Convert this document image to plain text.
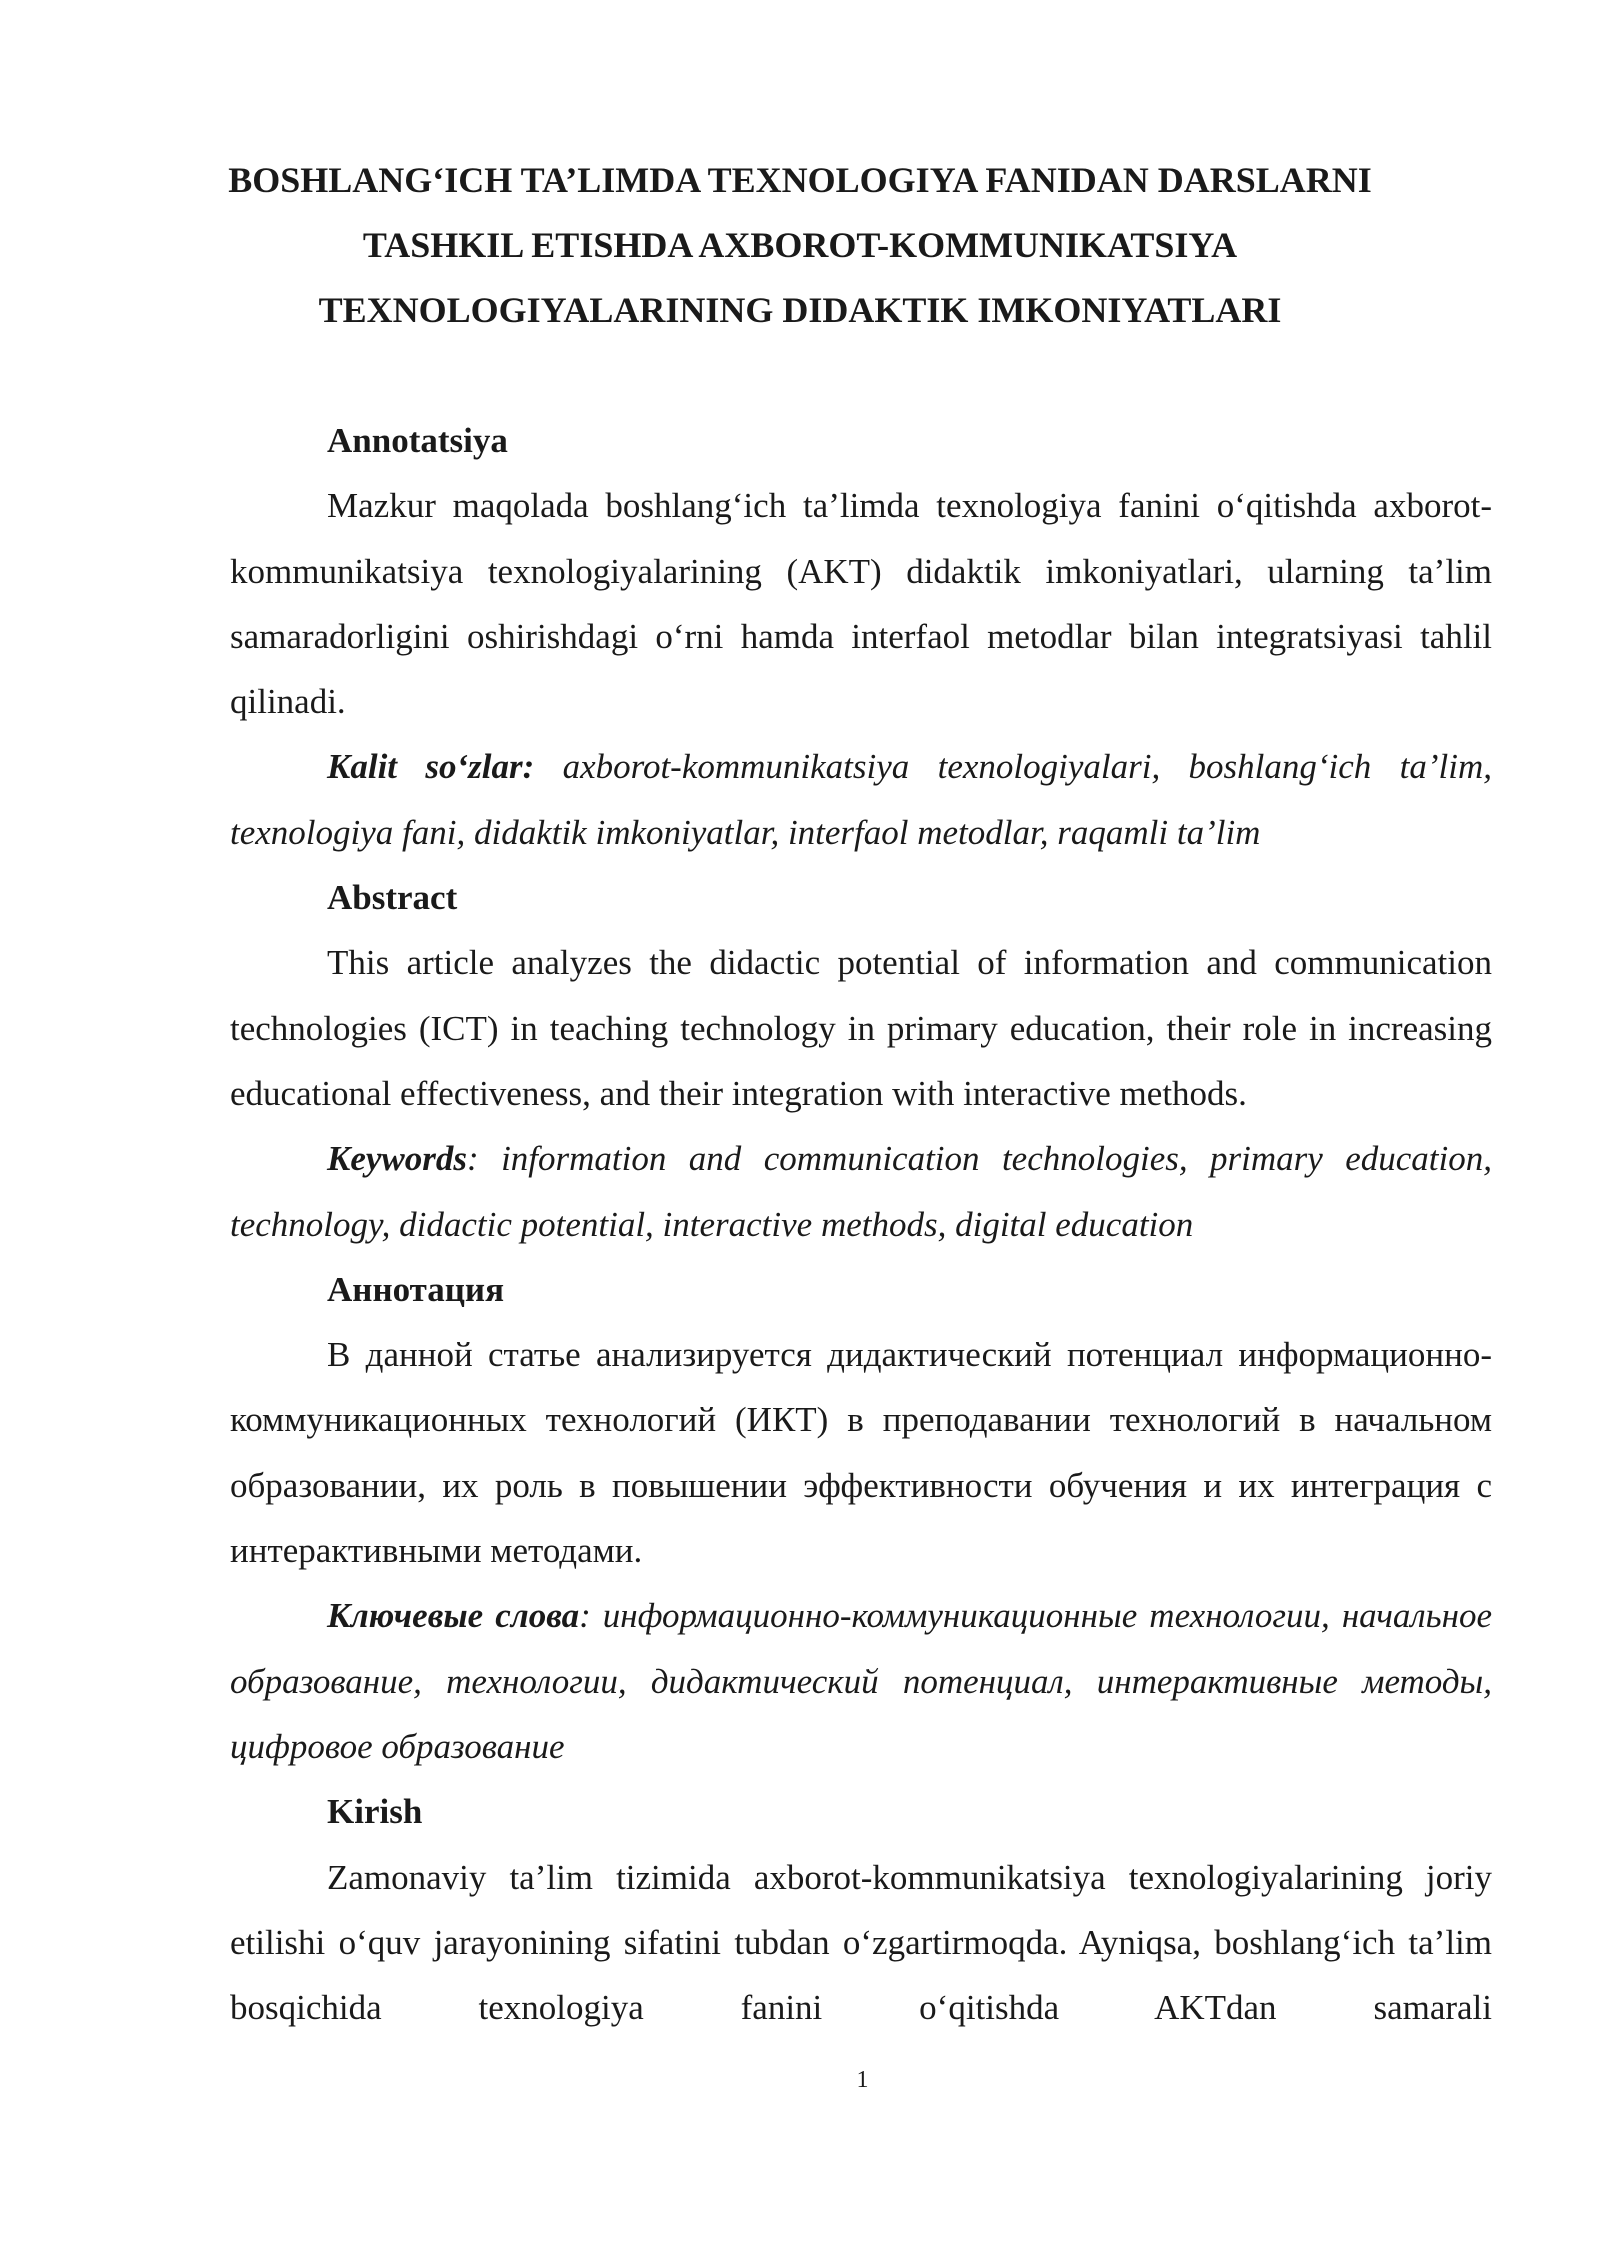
BOSHLANG‘ICH TA’LIMDA TEXNOLOGIYA FANIDAN DARSLARNI
TASHKIL ETISHDA AXBOROT-KOMMUNIKATSIYA
TEXNOLOGIYALARINING DIDAKTIK IMKONIYATLARI
Annotatsiya
Mazkur maqolada boshlang‘ich ta’limda texnologiya fanini o‘qitishda axborot-kommunikatsiya texnologiyalarining (AKT) didaktik imkoniyatlari, ularning ta’lim samaradorligini oshirishdagi o‘rni hamda interfaol metodlar bilan integratsiyasi tahlil qilinadi.
Kalit so‘zlar: axborot-kommunikatsiya texnologiyalari, boshlang‘ich ta’lim, texnologiya fani, didaktik imkoniyatlar, interfaol metodlar, raqamli ta’lim
Abstract
This article analyzes the didactic potential of information and communication technologies (ICT) in teaching technology in primary education, their role in increasing educational effectiveness, and their integration with interactive methods.
Keywords: information and communication technologies, primary education, technology, didactic potential, interactive methods, digital education
Аннотация
В данной статье анализируется дидактический потенциал информационно-коммуникационных технологий (ИКТ) в преподавании технологий в начальном образовании, их роль в повышении эффективности обучения и их интеграция с интерактивными методами.
Ключевые слова: информационно-коммуникационные технологии, начальное образование, технологии, дидактический потенциал, интерактивные методы, цифровое образование
Kirish
Zamonaviy ta’lim tizimida axborot-kommunikatsiya texnologiyalarining joriy etilishi o‘quv jarayonining sifatini tubdan o‘zgartirmoqda. Ayniqsa, boshlang‘ich ta’lim bosqichida texnologiya fanini o‘qitishda AKTdan samarali
1
